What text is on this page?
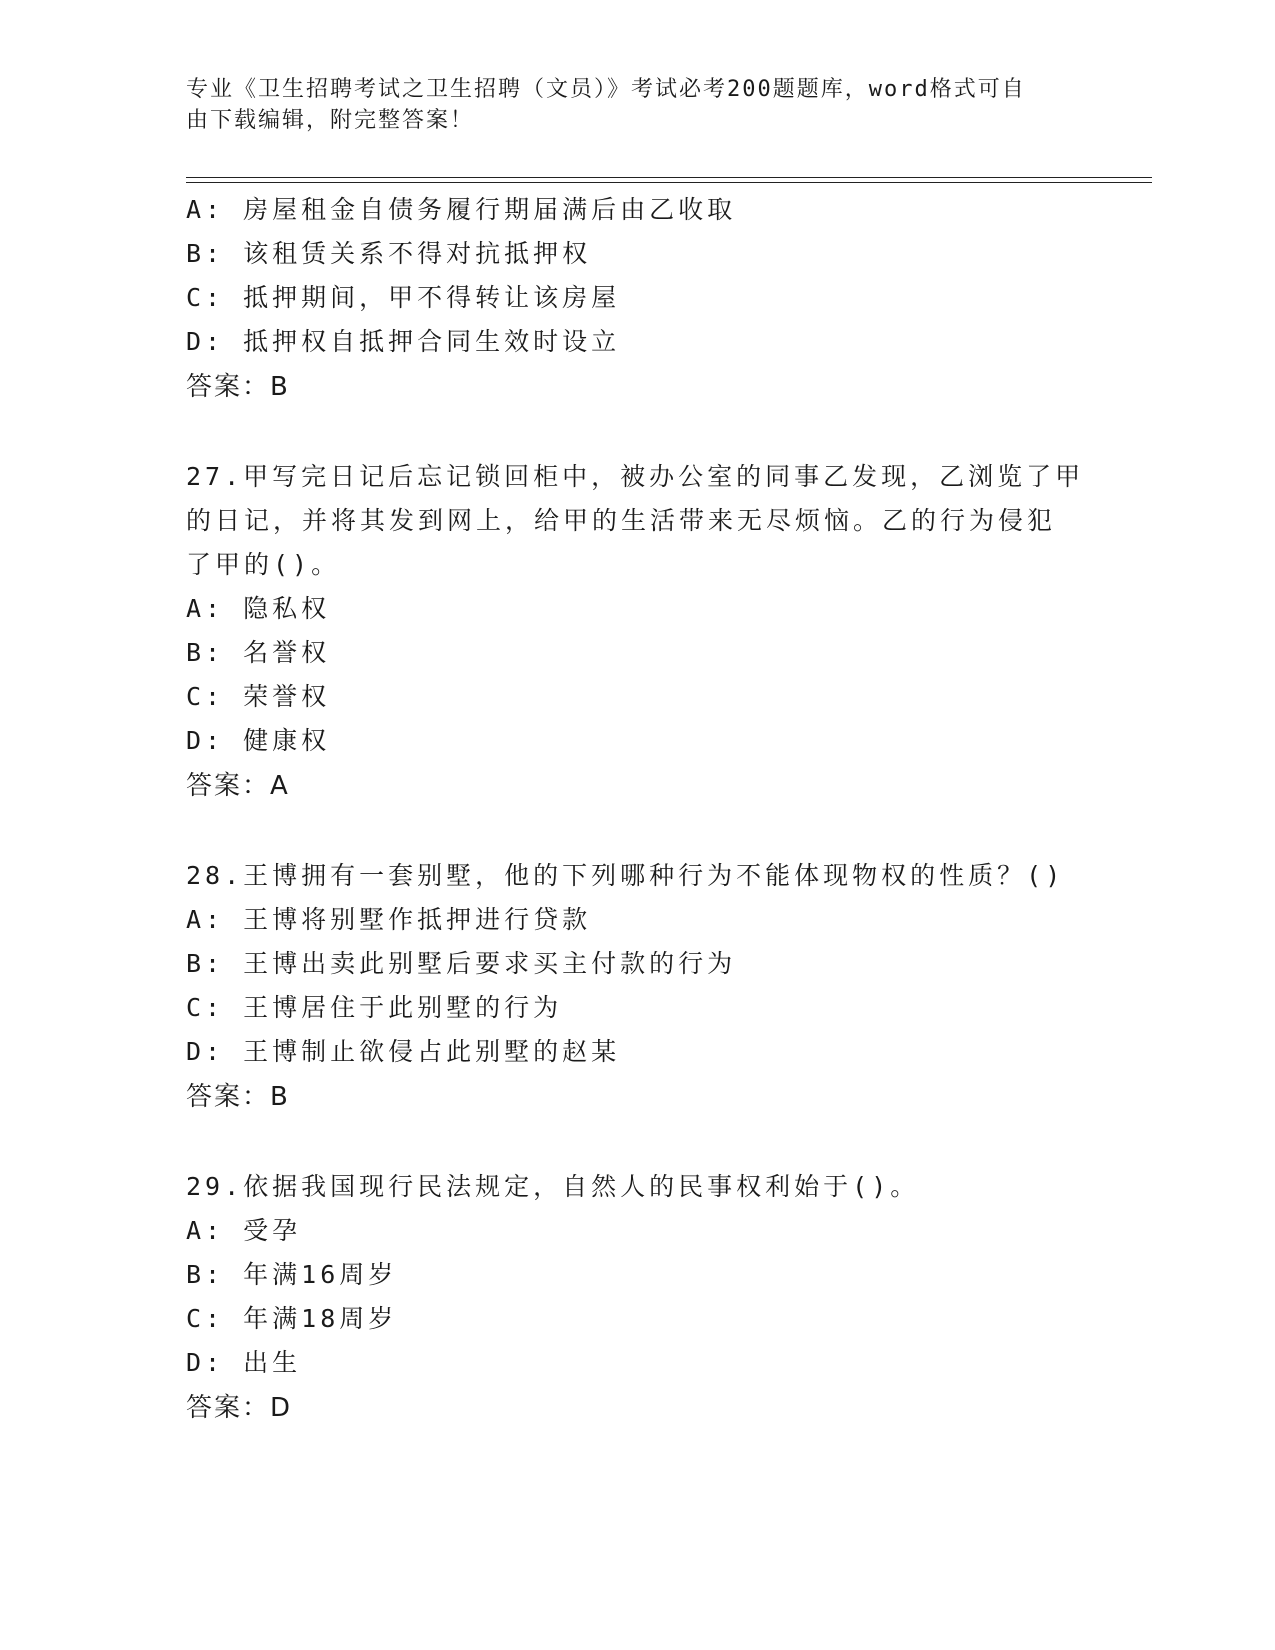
专业《卫生招聘考试之卫生招聘（文员）》考试必考200题题库，word格式可自
由下载编辑，附完整答案！
A: 房屋租金自债务履行期届满后由乙收取
B: 该租赁关系不得对抗抵押权
C: 抵押期间，甲不得转让该房屋
D: 抵押权自抵押合同生效时设立
答案：B
27.甲写完日记后忘记锁回柜中，被办公室的同事乙发现，乙浏览了甲
的日记，并将其发到网上，给甲的生活带来无尽烦恼。乙的行为侵犯
了甲的()。
A: 隐私权
B: 名誉权
C: 荣誉权
D: 健康权
答案：A
28.王博拥有一套别墅，他的下列哪种行为不能体现物权的性质？()
A: 王博将别墅作抵押进行贷款
B: 王博出卖此别墅后要求买主付款的行为
C: 王博居住于此别墅的行为
D: 王博制止欲侵占此别墅的赵某
答案：B
29.依据我国现行民法规定，自然人的民事权利始于()。
A: 受孕
B: 年满16周岁
C: 年满18周岁
D: 出生
答案：D
